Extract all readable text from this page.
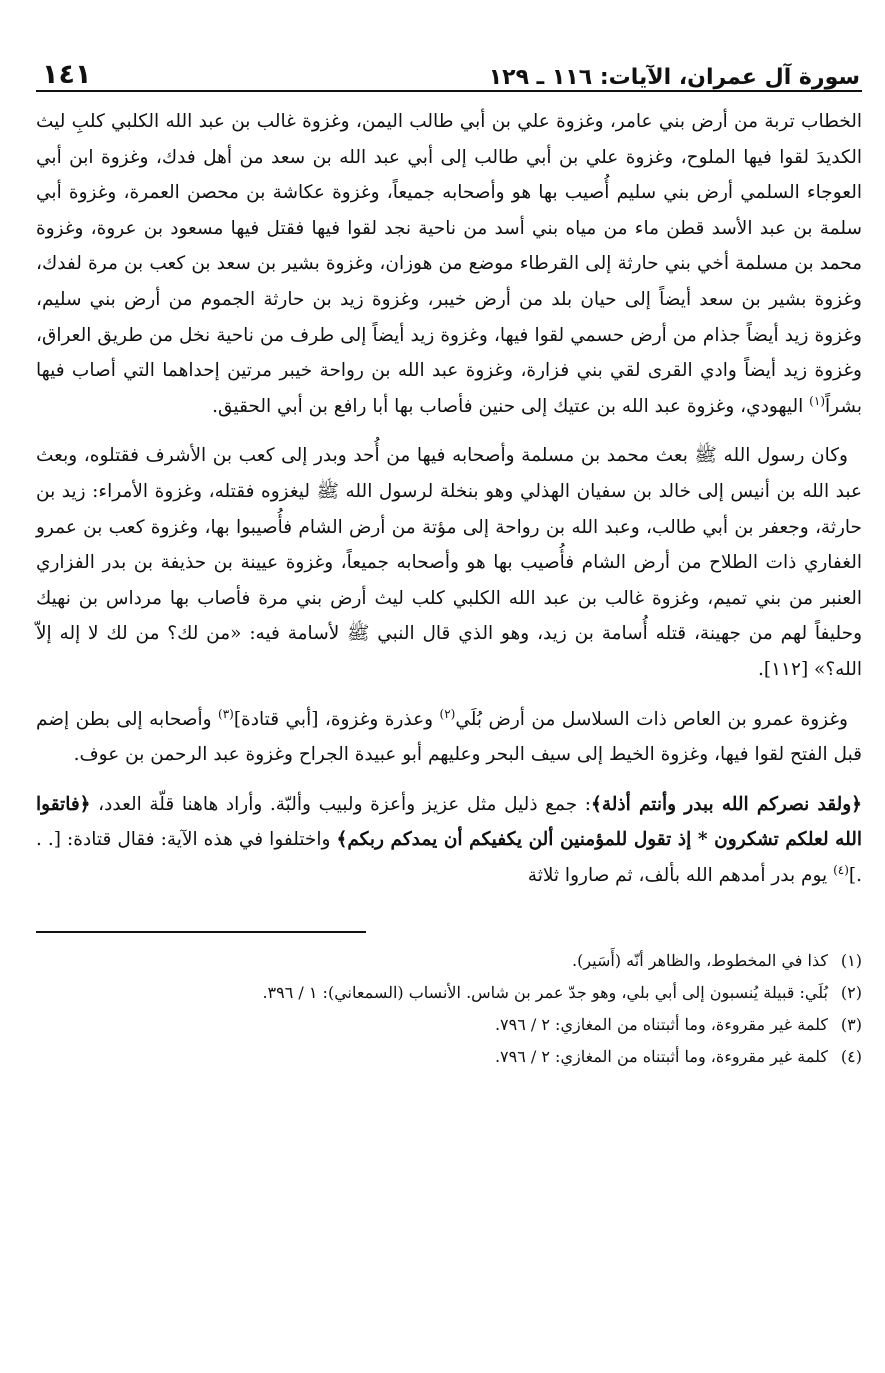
سورة آل عمران، الآيات: ١١٦ ـ ١٢٩
١٤١

الخطاب تربة من أرض بني عامر، وغزوة علي بن أبي طالب اليمن، وغزوة غالب بن عبد الله الكلبي كلبِ ليث الكديدَ لقوا فيها الملوح، وغزوة علي بن أبي طالب إلى أبي عبد الله بن سعد من أهل فدك، وغزوة ابن أبي العوجاء السلمي أرض بني سليم أُصيب بها هو وأصحابه جميعاً، وغزوة عكاشة بن محصن العمرة، وغزوة أبي سلمة بن عبد الأسد قطن ماء من مياه بني أسد من ناحية نجد لقوا فيها فقتل فيها مسعود بن عروة، وغزوة محمد بن مسلمة أخي بني حارثة إلى القرطاء موضع من هوزان، وغزوة بشير بن سعد بن كعب بن مرة لفدك، وغزوة بشير بن سعد أيضاً إلى حيان بلد من أرض خيبر، وغزوة زيد بن حارثة الجموم من أرض بني سليم، وغزوة زيد أيضاً جذام من أرض حسمي لقوا فيها، وغزوة زيد أيضاً إلى طرف من ناحية نخل من طريق العراق، وغزوة زيد أيضاً وادي القرى لقي بني فزارة، وغزوة عبد الله بن رواحة خيبر مرتين إحداهما التي أصاب فيها بشراً$^{(١)}$ اليهودي، وغزوة عبد الله بن عتيك إلى حنين فأصاب بها أبا رافع بن أبي الحقيق.

وكان رسول الله ﷺ بعث محمد بن مسلمة وأصحابه فيها من أُحد وبدر إلى كعب بن الأشرف فقتلوه، وبعث عبد الله بن أنيس إلى خالد بن سفيان الهذلي وهو بنخلة لرسول الله ﷺ ليغزوه فقتله، وغزوة الأمراء: زيد بن حارثة، وجعفر بن أبي طالب، وعبد الله بن رواحة إلى مؤتة من أرض الشام فأُصيبوا بها، وغزوة كعب بن عمرو الغفاري ذات الطلاح من أرض الشام فأُصيب بها هو وأصحابه جميعاً، وغزوة عيينة بن حذيفة بن بدر الفزاري العنبر من بني تميم، وغزوة غالب بن عبد الله الكلبي كلب ليث أرض بني مرة فأصاب بها مرداس بن نهيك وحليفاً لهم من جهينة، قتله أُسامة بن زيد، وهو الذي قال النبي ﷺ لأسامة فيه: «من لك؟ من لك لا إله إلاّ الله؟» [١١٢].

وغزوة عمرو بن العاص ذات السلاسل من أرض بُلَي$^{(٢)}$ وعذرة وغزوة، [أبي قتادة]$^{(٣)}$ وأصحابه إلى بطن إضم قبل الفتح لقوا فيها، وغزوة الخيط إلى سيف البحر وعليهم أبو عبيدة الجراح وغزوة عبد الرحمن بن عوف.

﴿ولقد نصركم الله ببدر وأنتم أذلة﴾: جمع ذليل مثل عزيز وأعزة ولبيب وألبّة. وأراد هاهنا قلّة العدد، ﴿فاتقوا الله لعلكم تشكرون * إذ تقول للمؤمنين ألن يكفيكم أن يمدكم ربكم﴾ واختلفوا في هذه الآية: فقال قتادة: [. . .]$^{(٤)}$ يوم بدر أمدهم الله بألف، ثم صاروا ثلاثة

(١)كذا في المخطوط، والظاهر أنّه (أَسَير).

(٢)بُلَي: قبيلة يُنسبون إلى أبي بلي، وهو جدّ عمر بن شاس. الأنساب (السمعاني): ١ / ٣٩٦.

(٣)كلمة غير مقروءة، وما أثبتناه من المغازي: ٢ / ٧٩٦.

(٤)كلمة غير مقروءة، وما أثبتناه من المغازي: ٢ / ٧٩٦.
